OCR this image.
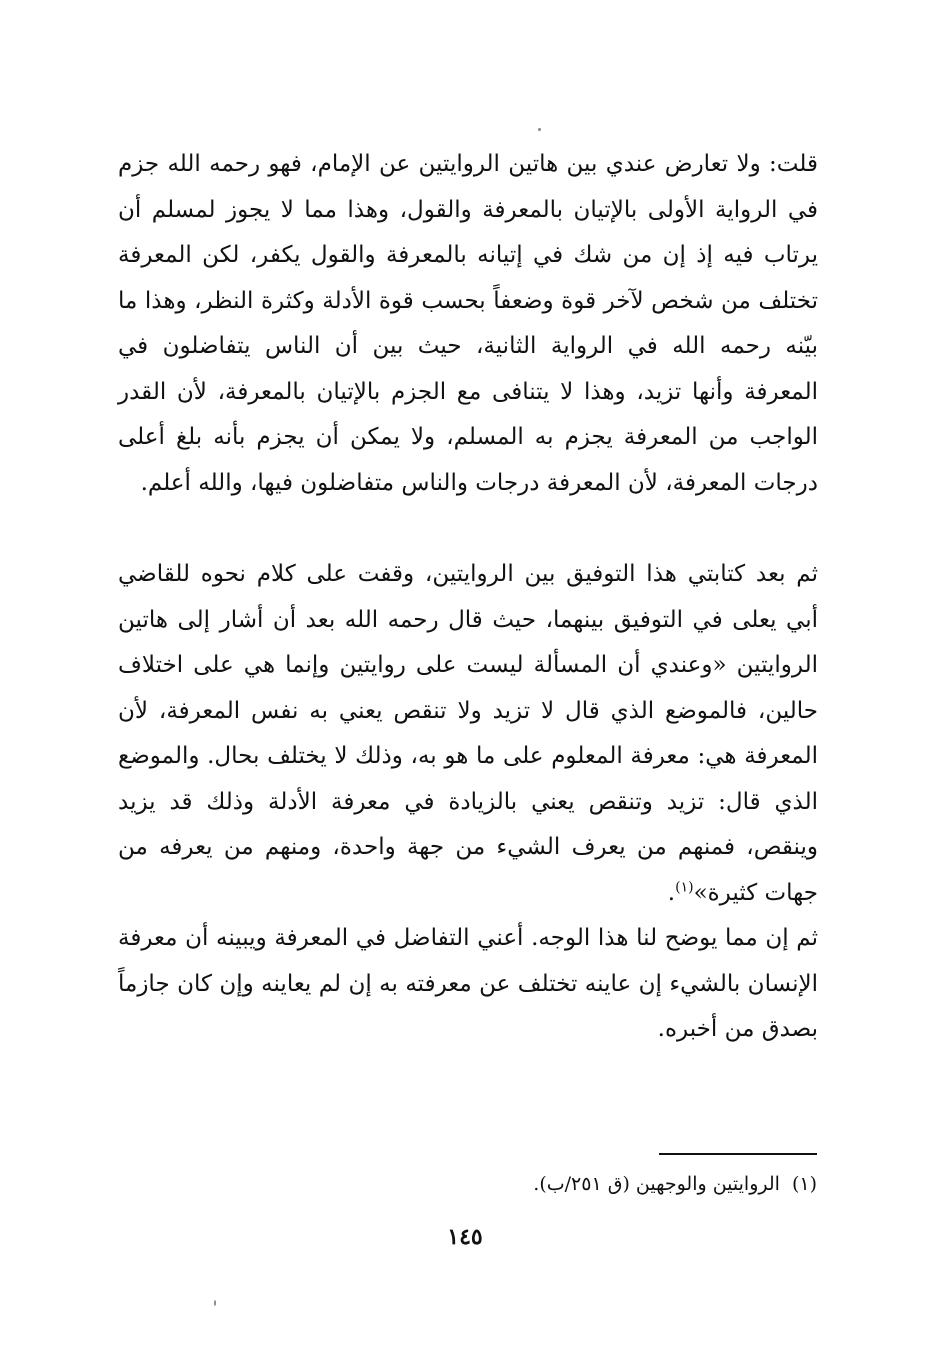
قلت: ولا تعارض عندي بين هاتين الروايتين عن الإمام، فهو رحمه الله جزم في الرواية الأولى بالإتيان بالمعرفة والقول، وهذا مما لا يجوز لمسلم أن يرتاب فيه إذ إن من شك في إتيانه بالمعرفة والقول يكفر، لكن المعرفة تختلف من شخص لآخر قوة وضعفاً بحسب قوة الأدلة وكثرة النظر، وهذا ما بيّنه رحمه الله في الرواية الثانية، حيث بين أن الناس يتفاضلون في المعرفة وأنها تزيد، وهذا لا يتنافى مع الجزم بالإتيان بالمعرفة، لأن القدر الواجب من المعرفة يجزم به المسلم، ولا يمكن أن يجزم بأنه بلغ أعلى درجات المعرفة، لأن المعرفة درجات والناس متفاضلون فيها، والله أعلم.

ثم بعد كتابتي هذا التوفيق بين الروايتين، وقفت على كلام نحوه للقاضي أبي يعلى في التوفيق بينهما، حيث قال رحمه الله بعد أن أشار إلى هاتين الروايتين «وعندي أن المسألة ليست على روايتين وإنما هي على اختلاف حالين، فالموضع الذي قال لا تزيد ولا تنقص يعني به نفس المعرفة، لأن المعرفة هي: معرفة المعلوم على ما هو به، وذلك لا يختلف بحال. والموضع الذي قال: تزيد وتنقص يعني بالزيادة في معرفة الأدلة وذلك قد يزيد وينقص، فمنهم من يعرف الشيء من جهة واحدة، ومنهم من يعرفه من جهات كثيرة»$^{(١)}$.

ثم إن مما يوضح لنا هذا الوجه. أعني التفاضل في المعرفة ويبينه أن معرفة الإنسان بالشيء إن عاينه تختلف عن معرفته به إن لم يعاينه وإن كان جازماً بصدق من أخبره.

(١)الروايتين والوجهين (ق ٢٥١/ب).

١٤٥
